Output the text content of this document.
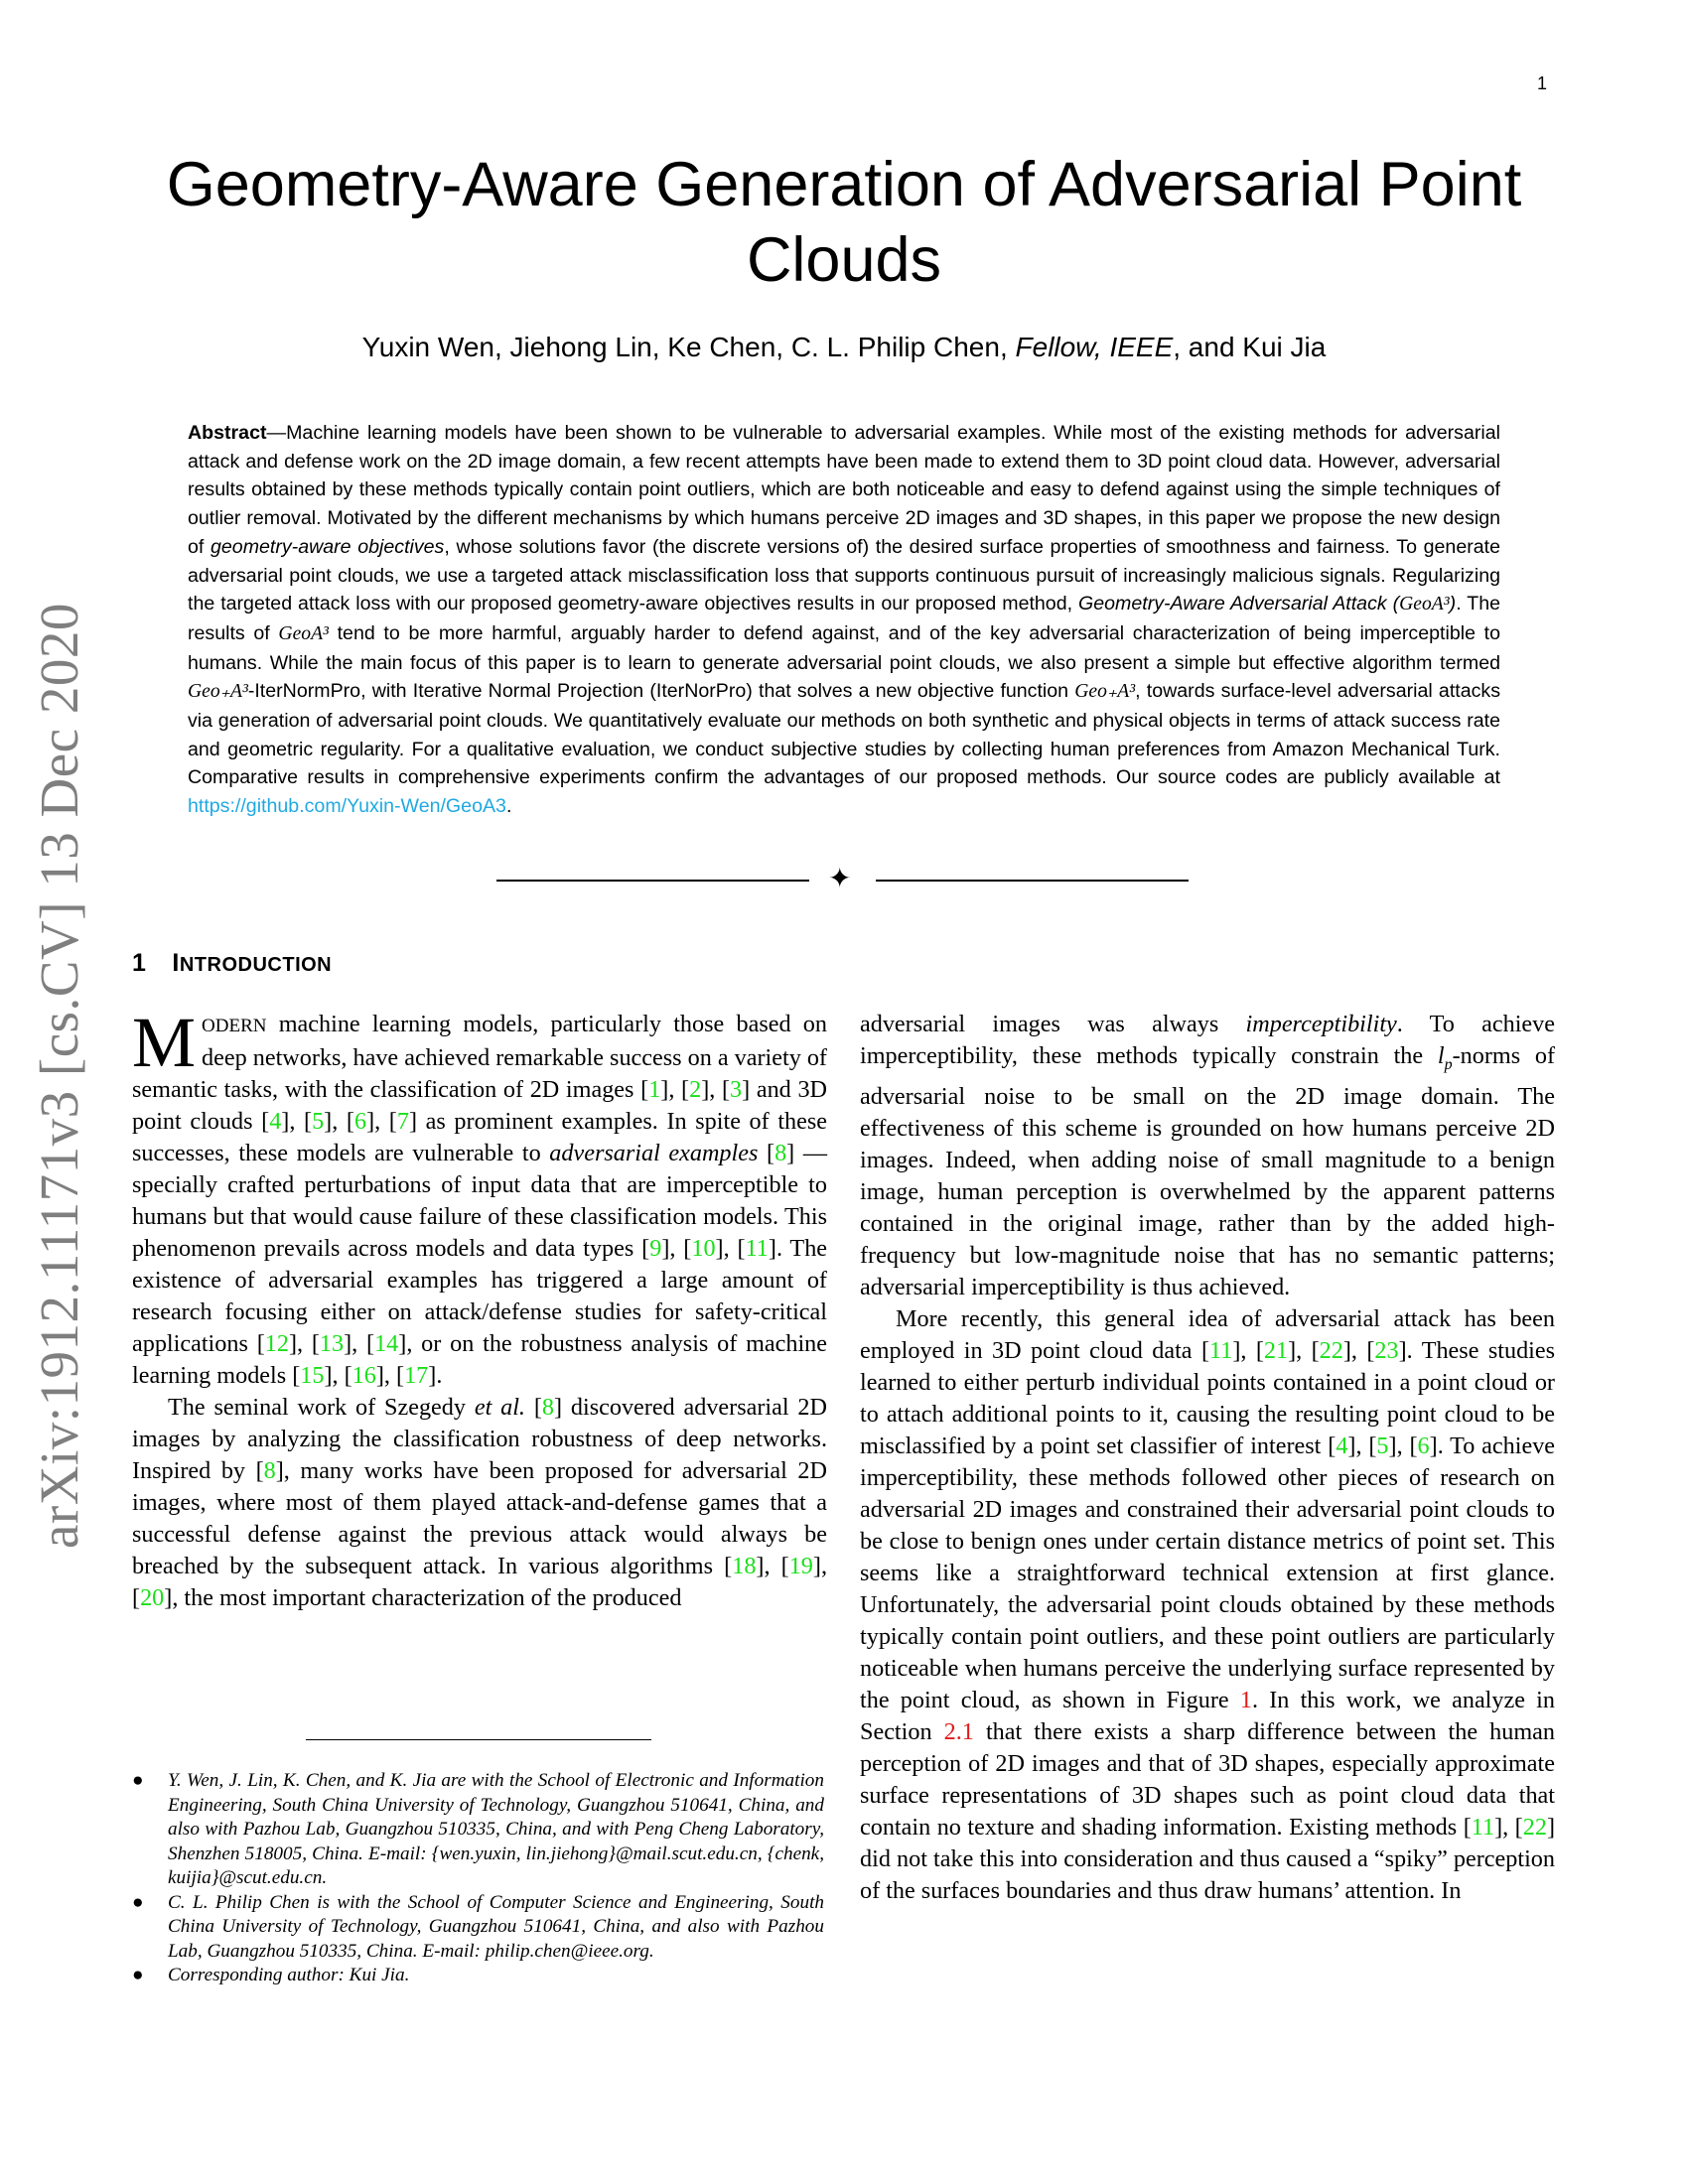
1
arXiv:1912.11171v3 [cs.CV] 13 Dec 2020
Geometry-Aware Generation of Adversarial Point Clouds
Yuxin Wen, Jiehong Lin, Ke Chen, C. L. Philip Chen, Fellow, IEEE, and Kui Jia
Abstract—Machine learning models have been shown to be vulnerable to adversarial examples. While most of the existing methods for adversarial attack and defense work on the 2D image domain, a few recent attempts have been made to extend them to 3D point cloud data. However, adversarial results obtained by these methods typically contain point outliers, which are both noticeable and easy to defend against using the simple techniques of outlier removal. Motivated by the different mechanisms by which humans perceive 2D images and 3D shapes, in this paper we propose the new design of geometry-aware objectives, whose solutions favor (the discrete versions of) the desired surface properties of smoothness and fairness. To generate adversarial point clouds, we use a targeted attack misclassification loss that supports continuous pursuit of increasingly malicious signals. Regularizing the targeted attack loss with our proposed geometry-aware objectives results in our proposed method, Geometry-Aware Adversarial Attack (GeoA³). The results of GeoA³ tend to be more harmful, arguably harder to defend against, and of the key adversarial characterization of being imperceptible to humans. While the main focus of this paper is to learn to generate adversarial point clouds, we also present a simple but effective algorithm termed Geo₊A³-IterNormPro, with Iterative Normal Projection (IterNorPro) that solves a new objective function Geo₊A³, towards surface-level adversarial attacks via generation of adversarial point clouds. We quantitatively evaluate our methods on both synthetic and physical objects in terms of attack success rate and geometric regularity. For a qualitative evaluation, we conduct subjective studies by collecting human preferences from Amazon Mechanical Turk. Comparative results in comprehensive experiments confirm the advantages of our proposed methods. Our source codes are publicly available at https://github.com/Yuxin-Wen/GeoA3.
✦
1 INTRODUCTION

MODERN machine learning models, particularly those based on deep networks, have achieved remarkable success on a variety of semantic tasks, with the classification of 2D images [1], [2], [3] and 3D point clouds [4], [5], [6], [7] as prominent examples. In spite of these successes, these models are vulnerable to adversarial examples [8] — specially crafted perturbations of input data that are imperceptible to humans but that would cause failure of these classification models. This phenomenon prevails across models and data types [9], [10], [11]. The existence of adversarial examples has triggered a large amount of research focusing either on attack/defense studies for safety-critical applications [12], [13], [14], or on the robustness analysis of machine learning models [15], [16], [17].

The seminal work of Szegedy et al. [8] discovered adversarial 2D images by analyzing the classification robustness of deep networks. Inspired by [8], many works have been proposed for adversarial 2D images, where most of them played attack-and-defense games that a successful defense against the previous attack would always be breached by the subsequent attack. In various algorithms [18], [19], [20], the most important characterization of the produced

● Y. Wen, J. Lin, K. Chen, and K. Jia are with the School of Electronic and Information Engineering, South China University of Technology, Guangzhou 510641, China, and also with Pazhou Lab, Guangzhou 510335, China, and with Peng Cheng Laboratory, Shenzhen 518005, China. E-mail: {wen.yuxin, lin.jiehong}@mail.scut.edu.cn, {chenk, kuijia}@scut.edu.cn.
● C. L. Philip Chen is with the School of Computer Science and Engineering, South China University of Technology, Guangzhou 510641, China, and also with Pazhou Lab, Guangzhou 510335, China. E-mail: philip.chen@ieee.org.
● Corresponding author: Kui Jia.

adversarial images was always imperceptibility. To achieve imperceptibility, these methods typically constrain the $l_p$-norms of adversarial noise to be small on the 2D image domain. The effectiveness of this scheme is grounded on how humans perceive 2D images. Indeed, when adding noise of small magnitude to a benign image, human perception is overwhelmed by the apparent patterns contained in the original image, rather than by the added high-frequency but low-magnitude noise that has no semantic patterns; adversarial imperceptibility is thus achieved.

More recently, this general idea of adversarial attack has been employed in 3D point cloud data [11], [21], [22], [23]. These studies learned to either perturb individual points contained in a point cloud or to attach additional points to it, causing the resulting point cloud to be misclassified by a point set classifier of interest [4], [5], [6]. To achieve imperceptibility, these methods followed other pieces of research on adversarial 2D images and constrained their adversarial point clouds to be close to benign ones under certain distance metrics of point set. This seems like a straightforward technical extension at first glance. Unfortunately, the adversarial point clouds obtained by these methods typically contain point outliers, and these point outliers are particularly noticeable when humans perceive the underlying surface represented by the point cloud, as shown in Figure 1. In this work, we analyze in Section 2.1 that there exists a sharp difference between the human perception of 2D images and that of 3D shapes, especially approximate surface representations of 3D shapes such as point cloud data that contain no texture and shading information. Existing methods [11], [22] did not take this into consideration and thus caused a “spiky” perception of the surfaces boundaries and thus draw humans’ attention. In
